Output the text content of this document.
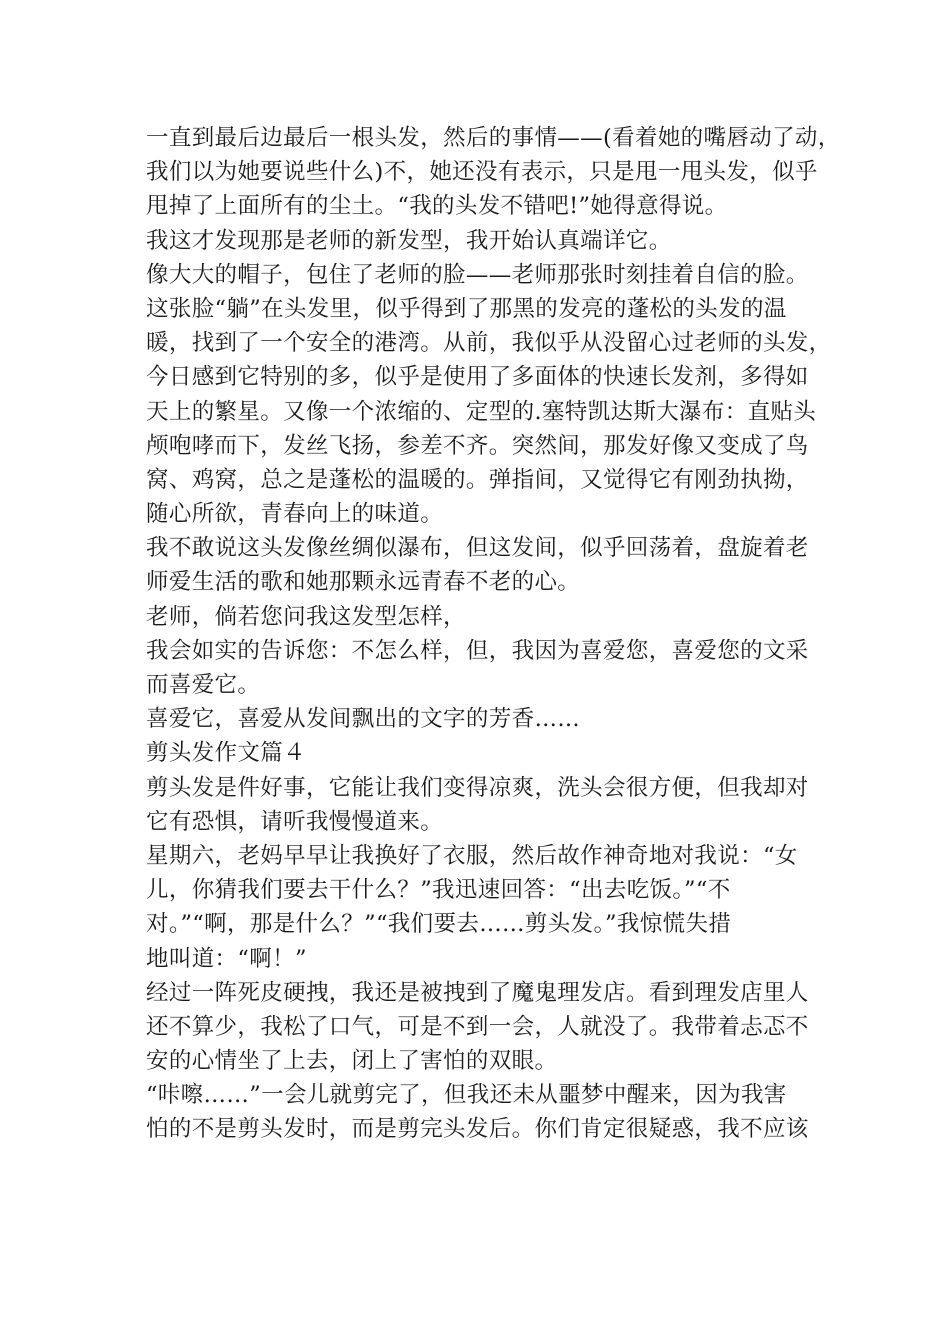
一直到最后边最后一根头发，然后的事情——(看着她的嘴唇动了动，
我们以为她要说些什么)不，她还没有表示，只是甩一甩头发，似乎
甩掉了上面所有的尘土。“我的头发不错吧!”她得意得说。

我这才发现那是老师的新发型，我开始认真端详它。

像大大的帽子，包住了老师的脸——老师那张时刻挂着自信的脸。

这张脸“躺”在头发里，似乎得到了那黑的发亮的蓬松的头发的温
暖，找到了一个安全的港湾。从前，我似乎从没留心过老师的头发，
今日感到它特别的多，似乎是使用了多面体的快速长发剂，多得如
天上的繁星。又像一个浓缩的、定型的.塞特凯达斯大瀑布：直贴头
颅咆哮而下，发丝飞扬，参差不齐。突然间，那发好像又变成了鸟
窝、鸡窝，总之是蓬松的温暖的。弹指间，又觉得它有刚劲执拗，
随心所欲，青春向上的味道。

我不敢说这头发像丝绸似瀑布，但这发间，似乎回荡着，盘旋着老
师爱生活的歌和她那颗永远青春不老的心。

老师，倘若您问我这发型怎样，

我会如实的告诉您：不怎么样，但，我因为喜爱您，喜爱您的文采
而喜爱它。

喜爱它，喜爱从发间飘出的文字的芳香……

剪头发作文篇４

剪头发是件好事，它能让我们变得凉爽，洗头会很方便，但我却对
它有恐惧，请听我慢慢道来。

星期六，老妈早早让我换好了衣服，然后故作神奇地对我说：“女
儿，你猜我们要去干什么？”我迅速回答：“出去吃饭。”“不
对。”“啊，那是什么？”“我们要去……剪头发。”我惊慌失措
地叫道：“啊！”

经过一阵死皮硬拽，我还是被拽到了魔鬼理发店。看到理发店里人
还不算少，我松了口气，可是不到一会，人就没了。我带着忐忑不
安的心情坐了上去，闭上了害怕的双眼。

“咔嚓……”一会儿就剪完了，但我还未从噩梦中醒来，因为我害
怕的不是剪头发时，而是剪完头发后。你们肯定很疑惑，我不应该
